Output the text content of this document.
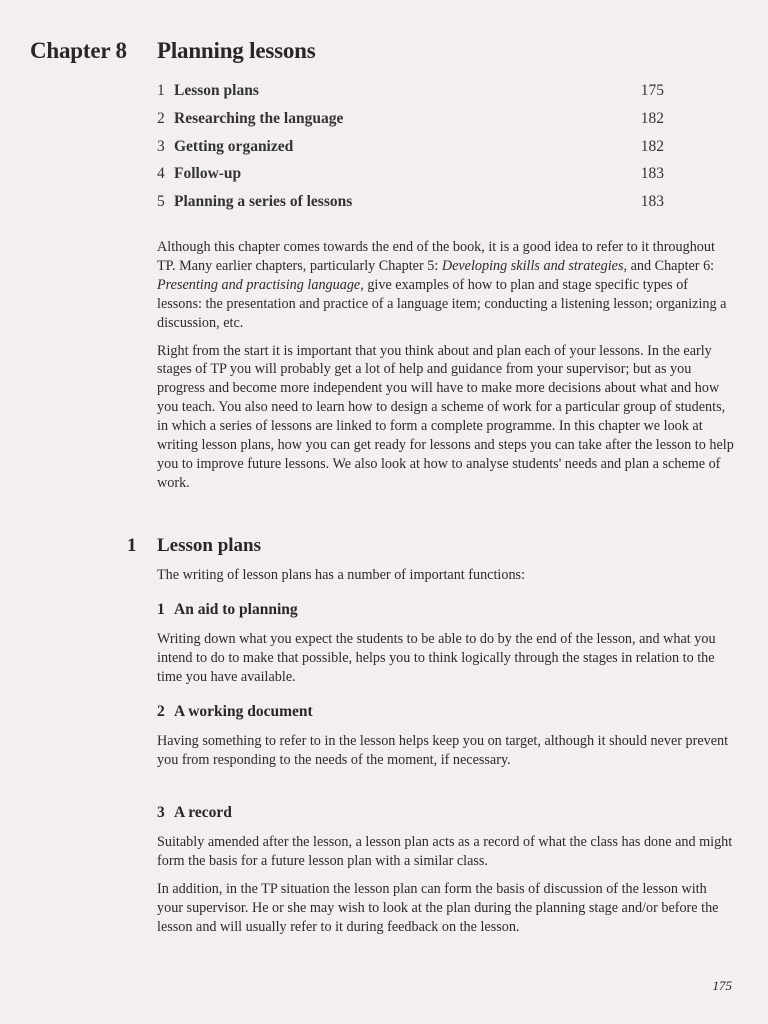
Chapter 8 Planning lessons
1 Lesson plans	175
2 Researching the language	182
3 Getting organized	182
4 Follow-up	183
5 Planning a series of lessons	183

Although this chapter comes towards the end of the book, it is a good idea to refer to it throughout TP. Many earlier chapters, particularly Chapter 5: Developing skills and strategies, and Chapter 6: Presenting and practising language, give examples of how to plan and stage specific types of lessons: the presentation and practice of a language item; conducting a listening lesson; organizing a discussion, etc.

Right from the start it is important that you think about and plan each of your lessons. In the early stages of TP you will probably get a lot of help and guidance from your supervisor; but as you progress and become more independent you will have to make more decisions about what and how you teach. You also need to learn how to design a scheme of work for a particular group of students, in which a series of lessons are linked to form a complete programme. In this chapter we look at writing lesson plans, how you can get ready for lessons and steps you can take after the lesson to help you to improve future lessons. We also look at how to analyse students' needs and plan a scheme of work.

1 Lesson plans

The writing of lesson plans has a number of important functions:

1 An aid to planning

Writing down what you expect the students to be able to do by the end of the lesson, and what you intend to do to make that possible, helps you to think logically through the stages in relation to the time you have available.

2 A working document

Having something to refer to in the lesson helps keep you on target, although it should never prevent you from responding to the needs of the moment, if necessary.

3 A record

Suitably amended after the lesson, a lesson plan acts as a record of what the class has done and might form the basis for a future lesson plan with a similar class.

In addition, in the TP situation the lesson plan can form the basis of discussion of the lesson with your supervisor. He or she may wish to look at the plan during the planning stage and/or before the lesson and will usually refer to it during feedback on the lesson.

175
